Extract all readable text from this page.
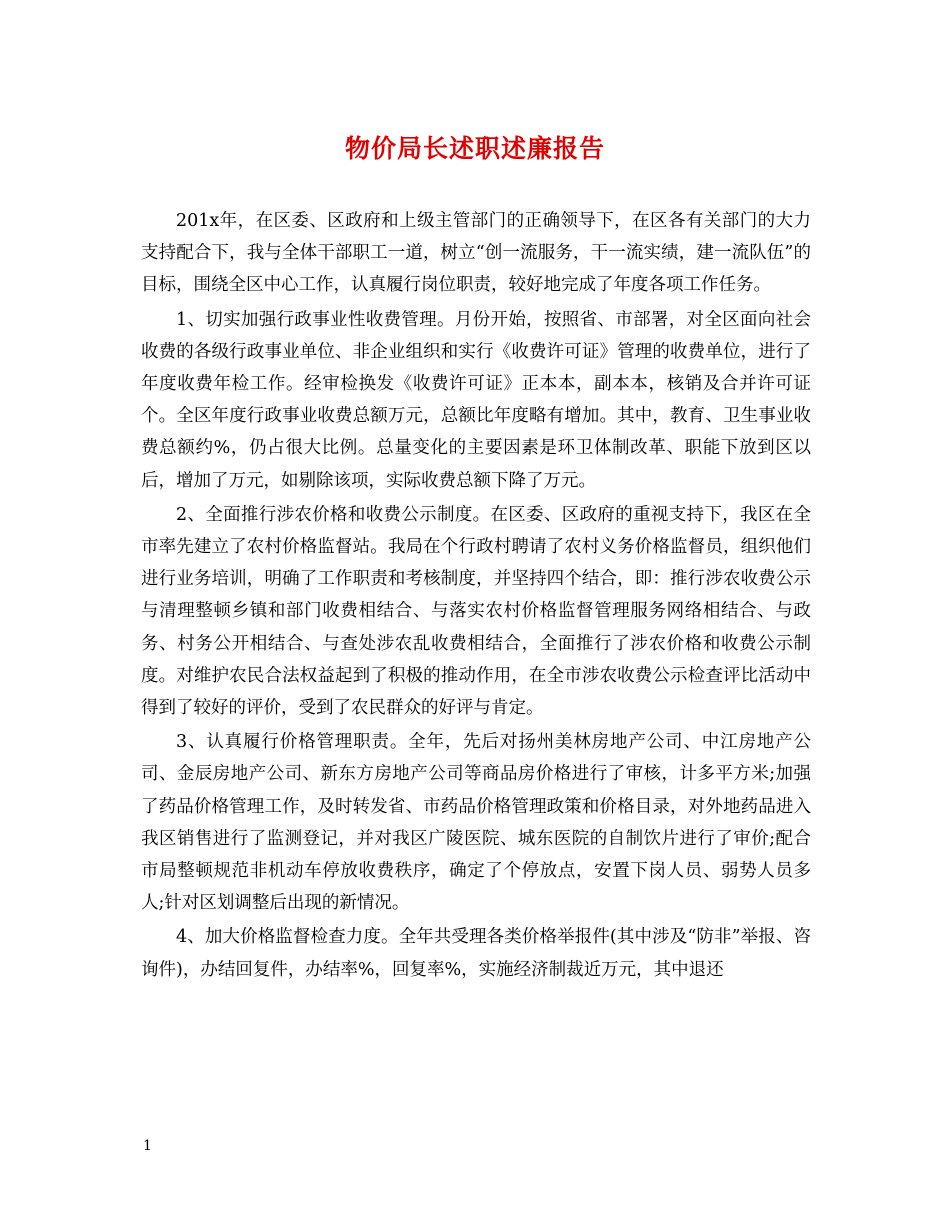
物价局长述职述廉报告

201x年，在区委、区政府和上级主管部门的正确领导下，在区各有关部门的大力支持配合下，我与全体干部职工一道，树立“创一流服务，干一流实绩，建一流队伍”的目标，围绕全区中心工作，认真履行岗位职责，较好地完成了年度各项工作任务。

1、切实加强行政事业性收费管理。月份开始，按照省、市部署，对全区面向社会收费的各级行政事业单位、非企业组织和实行《收费许可证》管理的收费单位，进行了年度收费年检工作。经审检换发《收费许可证》正本本，副本本，核销及合并许可证个。全区年度行政事业收费总额万元，总额比年度略有增加。其中，教育、卫生事业收费总额约%，仍占很大比例。总量变化的主要因素是环卫体制改革、职能下放到区以后，增加了万元，如剔除该项，实际收费总额下降了万元。

2、全面推行涉农价格和收费公示制度。在区委、区政府的重视支持下，我区在全市率先建立了农村价格监督站。我局在个行政村聘请了农村义务价格监督员，组织他们进行业务培训，明确了工作职责和考核制度，并坚持四个结合，即：推行涉农收费公示与清理整顿乡镇和部门收费相结合、与落实农村价格监督管理服务网络相结合、与政务、村务公开相结合、与查处涉农乱收费相结合，全面推行了涉农价格和收费公示制度。对维护农民合法权益起到了积极的推动作用，在全市涉农收费公示检查评比活动中得到了较好的评价，受到了农民群众的好评与肯定。

3、认真履行价格管理职责。全年，先后对扬州美林房地产公司、中江房地产公司、金辰房地产公司、新东方房地产公司等商品房价格进行了审核，计多平方米;加强了药品价格管理工作，及时转发省、市药品价格管理政策和价格目录，对外地药品进入我区销售进行了监测登记，并对我区广陵医院、城东医院的自制饮片进行了审价;配合市局整顿规范非机动车停放收费秩序，确定了个停放点，安置下岗人员、弱势人员多人;针对区划调整后出现的新情况。

4、加大价格监督检查力度。全年共受理各类价格举报件(其中涉及“防非”举报、咨询件)，办结回复件，办结率%，回复率%，实施经济制裁近万元，其中退还

1
